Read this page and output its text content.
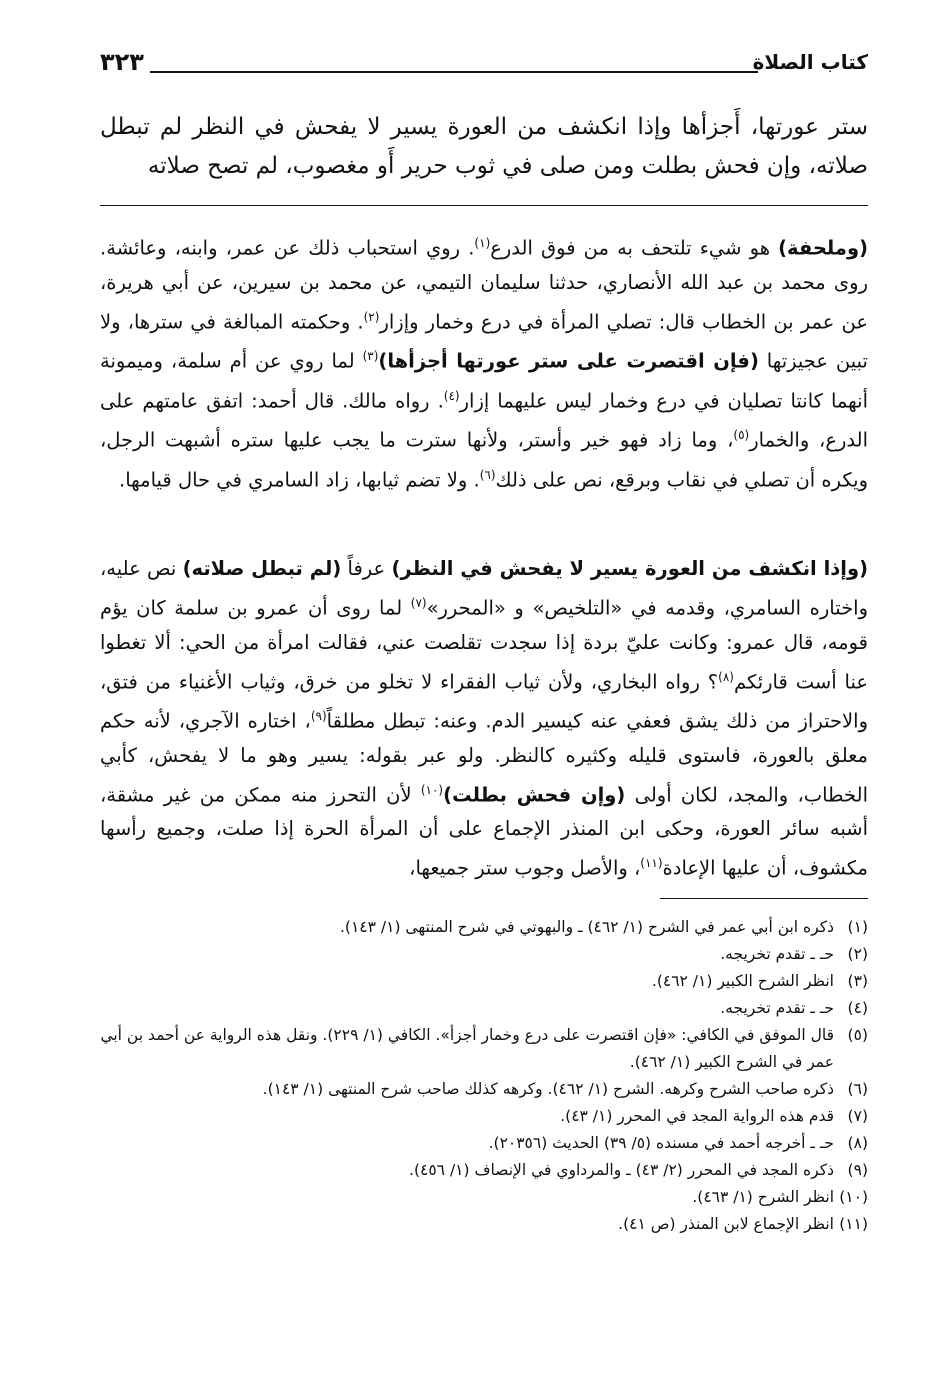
كتاب الصلاة
٣٢٣
ستر عورتها، أَجزأها وإذا انكشف من العورة يسير لا يفحش في النظر لم تبطل صلاته، وإن فحش بطلت ومن صلى في ثوب حرير أَو مغصوب، لم تصح صلاته
(وملحفة) هو شيء تلتحف به من فوق الدرع$^{(١)}$. روي استحباب ذلك عن عمر، وابنه، وعائشة. روى محمد بن عبد الله الأنصاري، حدثنا سليمان التيمي، عن محمد بن سيرين، عن أبي هريرة، عن عمر بن الخطاب قال: تصلي المرأة في درع وخمار وإزار$^{(٢)}$. وحكمته المبالغة في سترها، ولا تبين عجيزتها (فإن اقتصرت على ستر عورتها أجزأها)$^{(٣)}$ لما روي عن أم سلمة، وميمونة أنهما كانتا تصليان في درع وخمار ليس عليهما إزار$^{(٤)}$. رواه مالك. قال أحمد: اتفق عامتهم على الدرع، والخمار$^{(٥)}$، وما زاد فهو خير وأستر، ولأنها سترت ما يجب عليها ستره أشبهت الرجل، ويكره أن تصلي في نقاب وبرقع، نص على ذلك$^{(٦)}$. ولا تضم ثيابها، زاد السامري في حال قيامها.
(وإذا انكشف من العورة يسير لا يفحش في النظر) عرفاً (لم تبطل صلاته) نص عليه، واختاره السامري، وقدمه في «التلخيص» و «المحرر»$^{(٧)}$ لما روى أن عمرو بن سلمة كان يؤم قومه، قال عمرو: وكانت عليّ بردة إذا سجدت تقلصت عني، فقالت امرأة من الحي: ألا تغطوا عنا أست قارئكم$^{(٨)}$؟ رواه البخاري، ولأن ثياب الفقراء لا تخلو من خرق، وثياب الأغنياء من فتق، والاحتراز من ذلك يشق فعفي عنه كيسير الدم. وعنه: تبطل مطلقاً$^{(٩)}$، اختاره الآجري، لأنه حكم معلق بالعورة، فاستوى قليله وكثيره كالنظر. ولو عبر بقوله: يسير وهو ما لا يفحش، كأبي الخطاب، والمجد، لكان أولى (وإن فحش بطلت)$^{(١٠)}$ لأن التحرز منه ممكن من غير مشقة، أشبه سائر العورة، وحكى ابن المنذر الإجماع على أن المرأة الحرة إذا صلت، وجميع رأسها مكشوف، أن عليها الإعادة$^{(١١)}$، والأصل وجوب ستر جميعها،
(١)
ذكره ابن أبي عمر في الشرح (١/ ٤٦٢) ـ والبهوتي في شرح المنتهى (١/ ١٤٣).
(٢)
حـ ـ تقدم تخريجه.
(٣)
انظر الشرح الكبير (١/ ٤٦٢).
(٤)
حـ ـ تقدم تخريجه.
(٥)
قال الموفق في الكافي: «فإن اقتصرت على درع وخمار أجزأ». الكافي (١/ ٢٢٩). ونقل هذه الرواية عن أحمد بن أبي عمر في الشرح الكبير (١/ ٤٦٢).
(٦)
ذكره صاحب الشرح وكرهه. الشرح (١/ ٤٦٢). وكرهه كذلك صاحب شرح المنتهى (١/ ١٤٣).
(٧)
قدم هذه الرواية المجد في المحرر (١/ ٤٣).
(٨)
حـ ـ أخرجه أحمد في مسنده (٥/ ٣٩) الحديث (٢٠٣٥٦).
(٩)
ذكره المجد في المحرر (٢/ ٤٣) ـ والمرداوي في الإنصاف (١/ ٤٥٦).
(١٠)
انظر الشرح (١/ ٤٦٣).
(١١)
انظر الإجماع لابن المنذر (ص ٤١).
